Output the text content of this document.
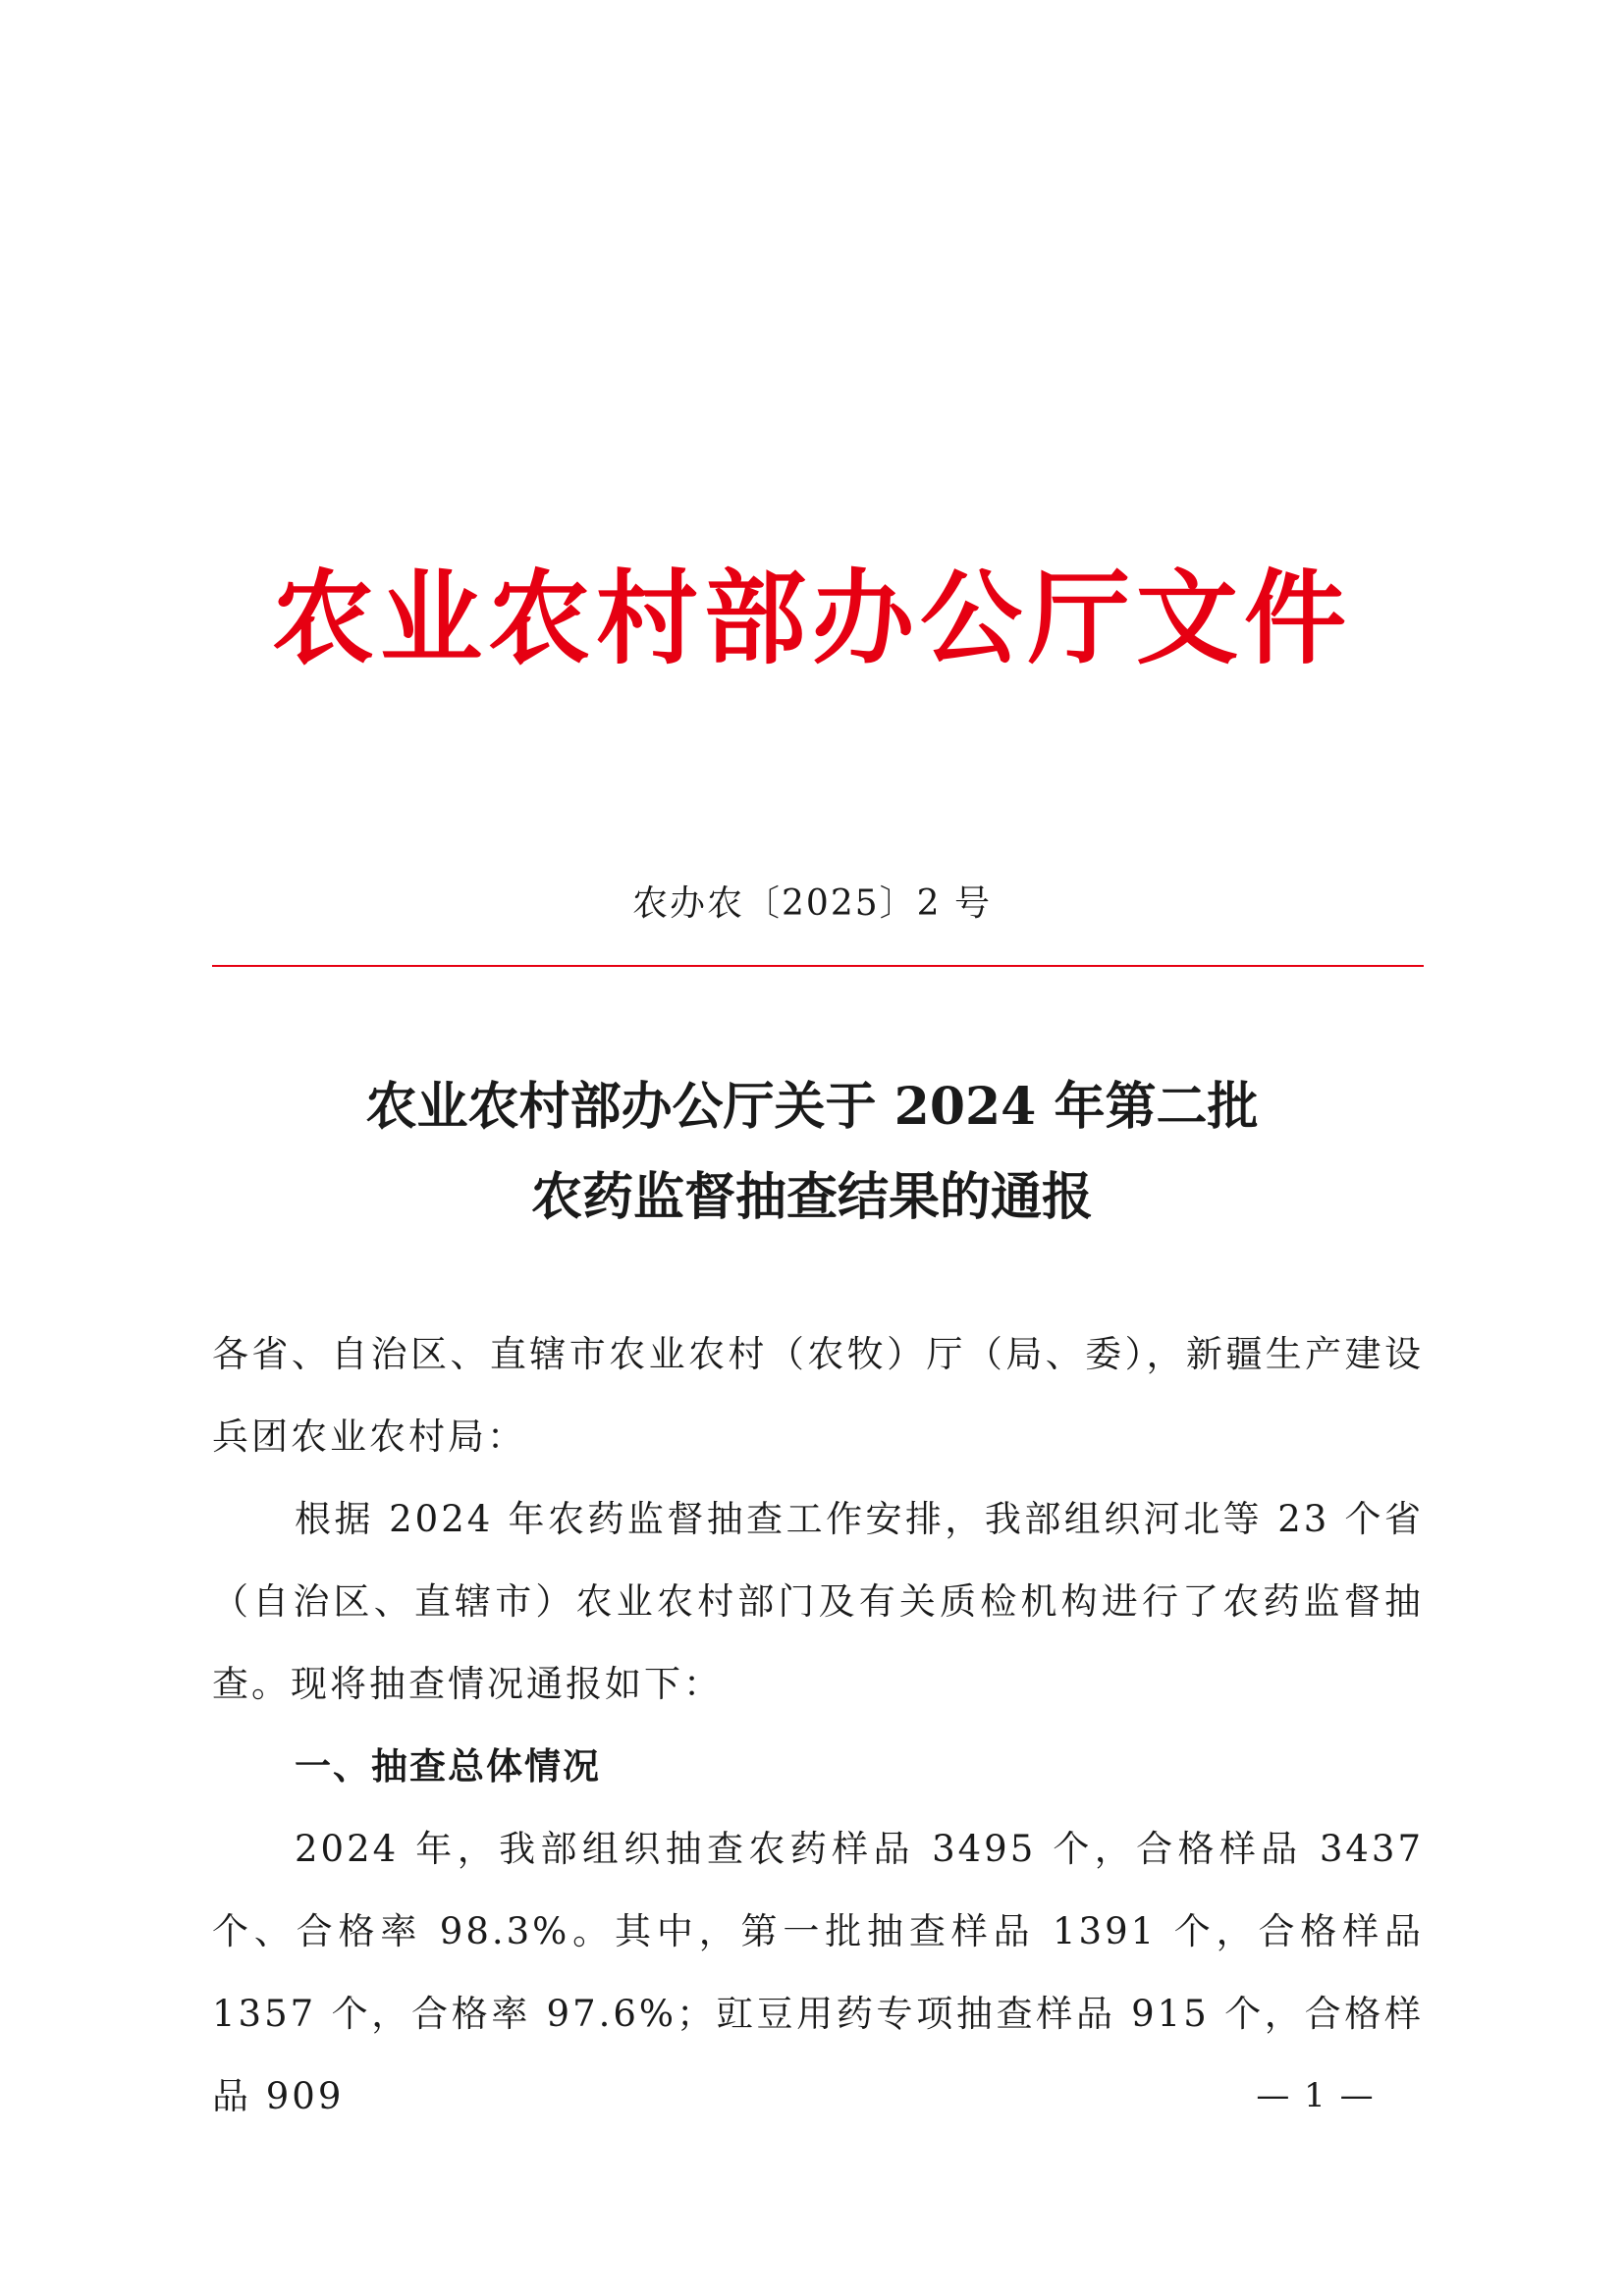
农业农村部办公厅文件
农办农〔2025〕2 号
农业农村部办公厅关于 2024 年第二批
农药监督抽查结果的通报

各省、自治区、直辖市农业农村（农牧）厅（局、委），新疆生产建设兵团农业农村局：

根据 2024 年农药监督抽查工作安排，我部组织河北等 23 个省（自治区、直辖市）农业农村部门及有关质检机构进行了农药监督抽查。现将抽查情况通报如下：

一、抽查总体情况

2024 年，我部组织抽查农药样品 3495 个，合格样品 3437 个、合格率 98.3%。其中，第一批抽查样品 1391 个，合格样品 1357 个，合格率 97.6%；豇豆用药专项抽查样品 915 个，合格样品 909	— 1 —
